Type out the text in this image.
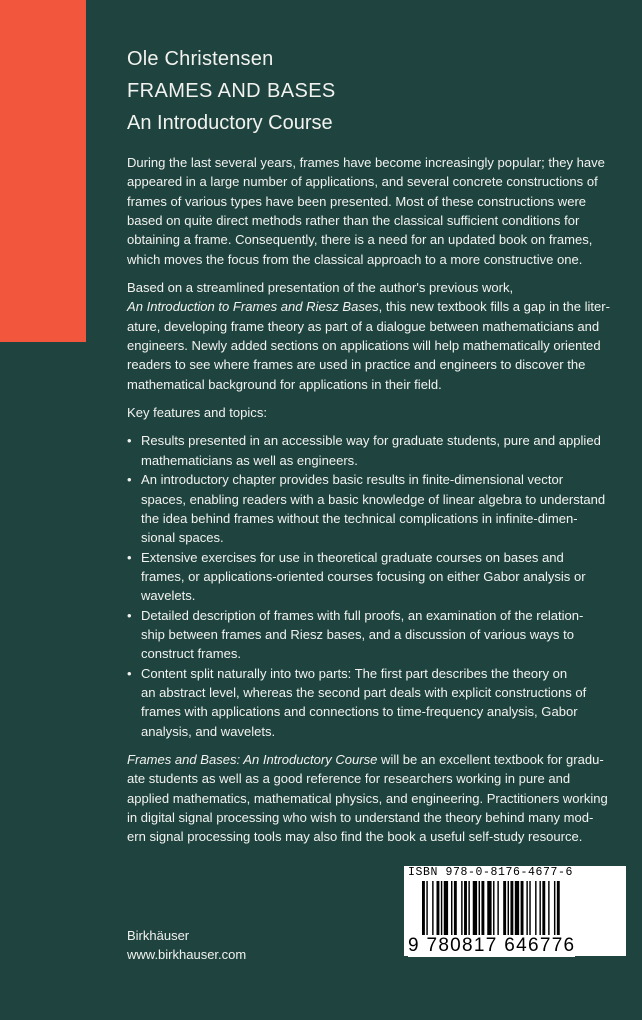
Ole Christensen
FRAMES AND BASES
An Introductory Course

During the last several years, frames have become increasingly popular; they have
appeared in a large number of applications, and several concrete constructions of
frames of various types have been presented. Most of these constructions were
based on quite direct methods rather than the classical sufficient conditions for
obtaining a frame. Consequently, there is a need for an updated book on frames,
which moves the focus from the classical approach to a more constructive one.

Based on a streamlined presentation of the author's previous work,
An Introduction to Frames and Riesz Bases, this new textbook fills a gap in the liter-
ature, developing frame theory as part of a dialogue between mathematicians and
engineers. Newly added sections on applications will help mathematically oriented
readers to see where frames are used in practice and engineers to discover the
mathematical background for applications in their field.

Key features and topics:

• Results presented in an accessible way for graduate students, pure and applied
mathematicians as well as engineers.
• An introductory chapter provides basic results in finite-dimensional vector
spaces, enabling readers with a basic knowledge of linear algebra to understand
the idea behind frames without the technical complications in infinite-dimen-
sional spaces.
• Extensive exercises for use in theoretical graduate courses on bases and
frames, or applications-oriented courses focusing on either Gabor analysis or
wavelets.
• Detailed description of frames with full proofs, an examination of the relation-
ship between frames and Riesz bases, and a discussion of various ways to
construct frames.
• Content split naturally into two parts: The first part describes the theory on
an abstract level, whereas the second part deals with explicit constructions of
frames with applications and connections to time-frequency analysis, Gabor
analysis, and wavelets.

Frames and Bases: An Introductory Course will be an excellent textbook for gradu-
ate students as well as a good reference for researchers working in pure and
applied mathematics, mathematical physics, and engineering. Practitioners working
in digital signal processing who wish to understand the theory behind many mod-
ern signal processing tools may also find the book a useful self-study resource.

ISBN 978-0-8176-4677-6
9 780817 646776
Birkhäuser
www.birkhauser.com
